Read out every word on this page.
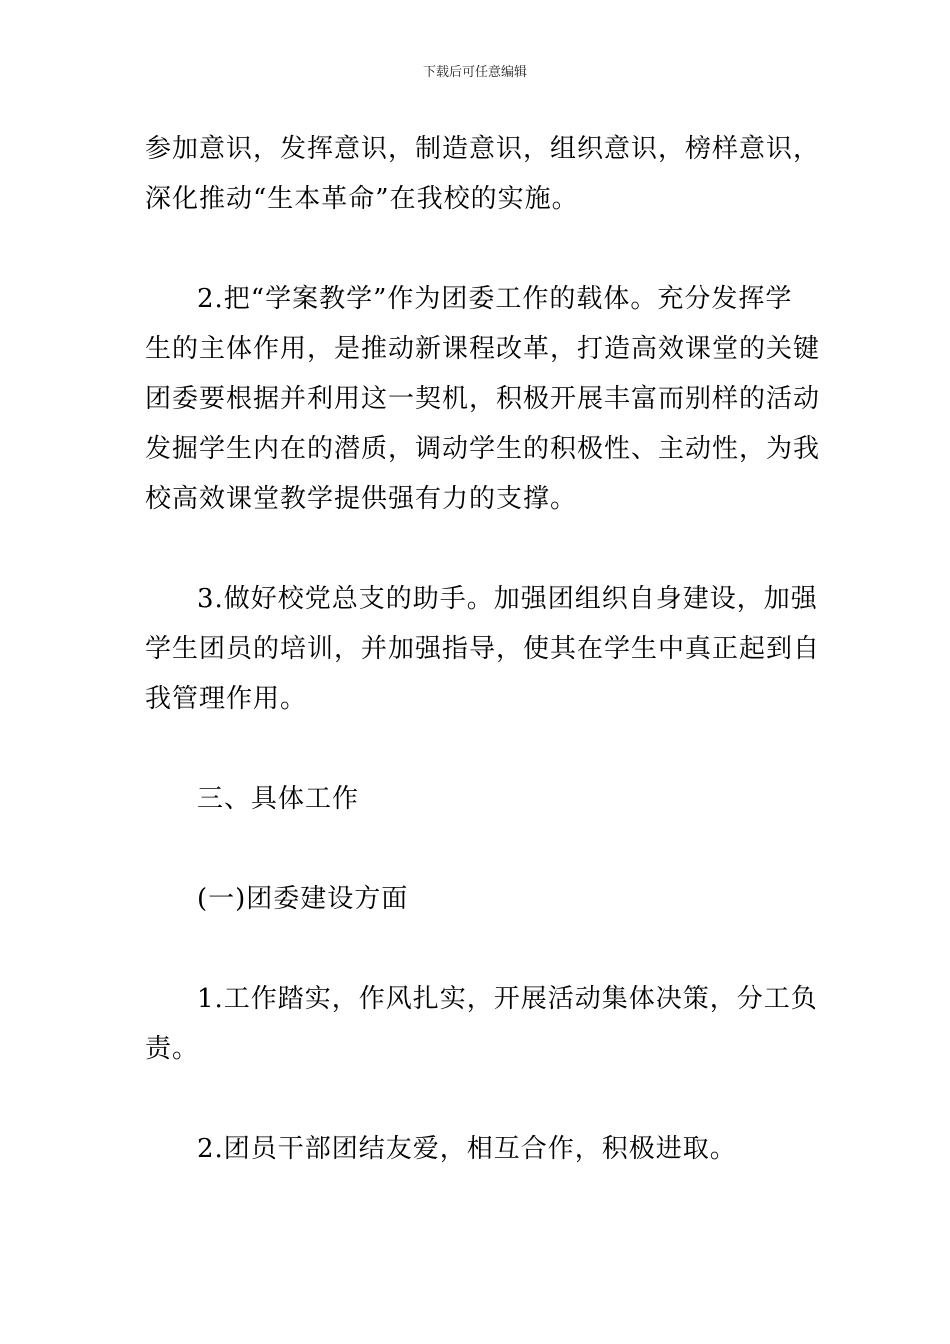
下载后可任意编辑
参加意识，发挥意识，制造意识，组织意识，榜样意识，
深化推动“生本革命”在我校的实施。
2.把“学案教学”作为团委工作的载体。充分发挥学
生的主体作用，是推动新课程改革，打造高效课堂的关键
团委要根据并利用这一契机，积极开展丰富而别样的活动
发掘学生内在的潜质，调动学生的积极性、主动性，为我
校高效课堂教学提供强有力的支撑。
3.做好校党总支的助手。加强团组织自身建设，加强
学生团员的培训，并加强指导，使其在学生中真正起到自
我管理作用。
三、具体工作
(一)团委建设方面
1.工作踏实，作风扎实，开展活动集体决策，分工负
责。
2.团员干部团结友爱，相互合作，积极进取。
